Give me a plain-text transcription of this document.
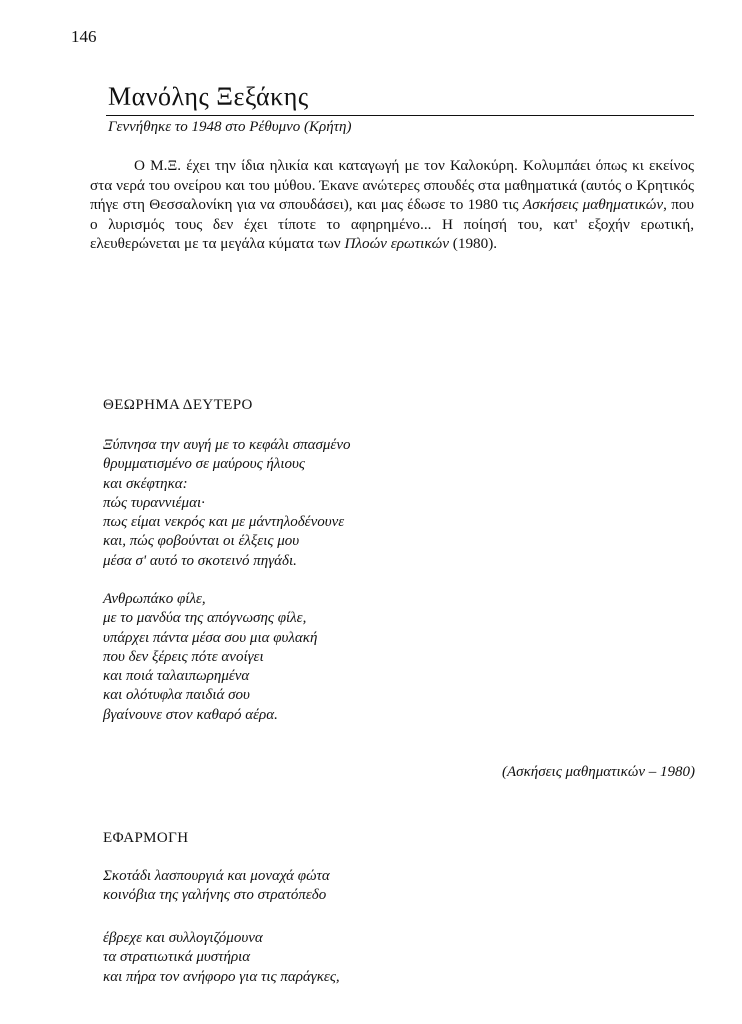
146
Μανόλης Ξεξάκης
Γεννήθηκε το 1948 στο Ρέθυμνο (Κρήτη)

Ο Μ.Ξ. έχει την ίδια ηλικία και καταγωγή με τον Καλοκύρη. Κολυμπάει όπως κι εκείνος στα νερά του ονείρου και του μύθου. Έκανε ανώτερες σπουδές στα μαθηματικά (αυτός ο Κρητικός πήγε στη Θεσσαλονίκη για να σπουδάσει), και μας έδωσε το 1980 τις Ασκήσεις μαθηματικών, που ο λυρισμός τους δεν έχει τίποτε το αφηρημένο... Η ποίησή του, κατ' εξοχήν ερωτική, ελευθερώνεται με τα μεγάλα κύματα των Πλοών ερωτικών (1980).

ΘΕΩΡΗΜΑ ΔΕΥΤΕΡΟ
Ξύπνησα την αυγή με το κεφάλι σπασμένο
θρυμματισμένο σε μαύρους ήλιους
και σκέφτηκα:
πώς τυραννιέμαι·
πως είμαι νεκρός και με μάντηλοδένουνε
και, πώς φοβούνται οι έλξεις μου
μέσα σ' αυτό το σκοτεινό πηγάδι.
Ανθρωπάκο φίλε,
με το μανδύα της απόγνωσης φίλε,
υπάρχει πάντα μέσα σου μια φυλακή
που δεν ξέρεις πότε ανοίγει
και ποιά ταλαιπωρημένα
και ολότυφλα παιδιά σου
βγαίνουνε στον καθαρό αέρα.
(Ασκήσεις μαθηματικών – 1980)
ΕΦΑΡΜΟΓΗ
Σκοτάδι λασπουργιά και μοναχά φώτα
κοινόβια της γαλήνης στο στρατόπεδο
έβρεχε και συλλογιζόμουνα
τα στρατιωτικά μυστήρια
και πήρα τον ανήφορο για τις παράγκες,
